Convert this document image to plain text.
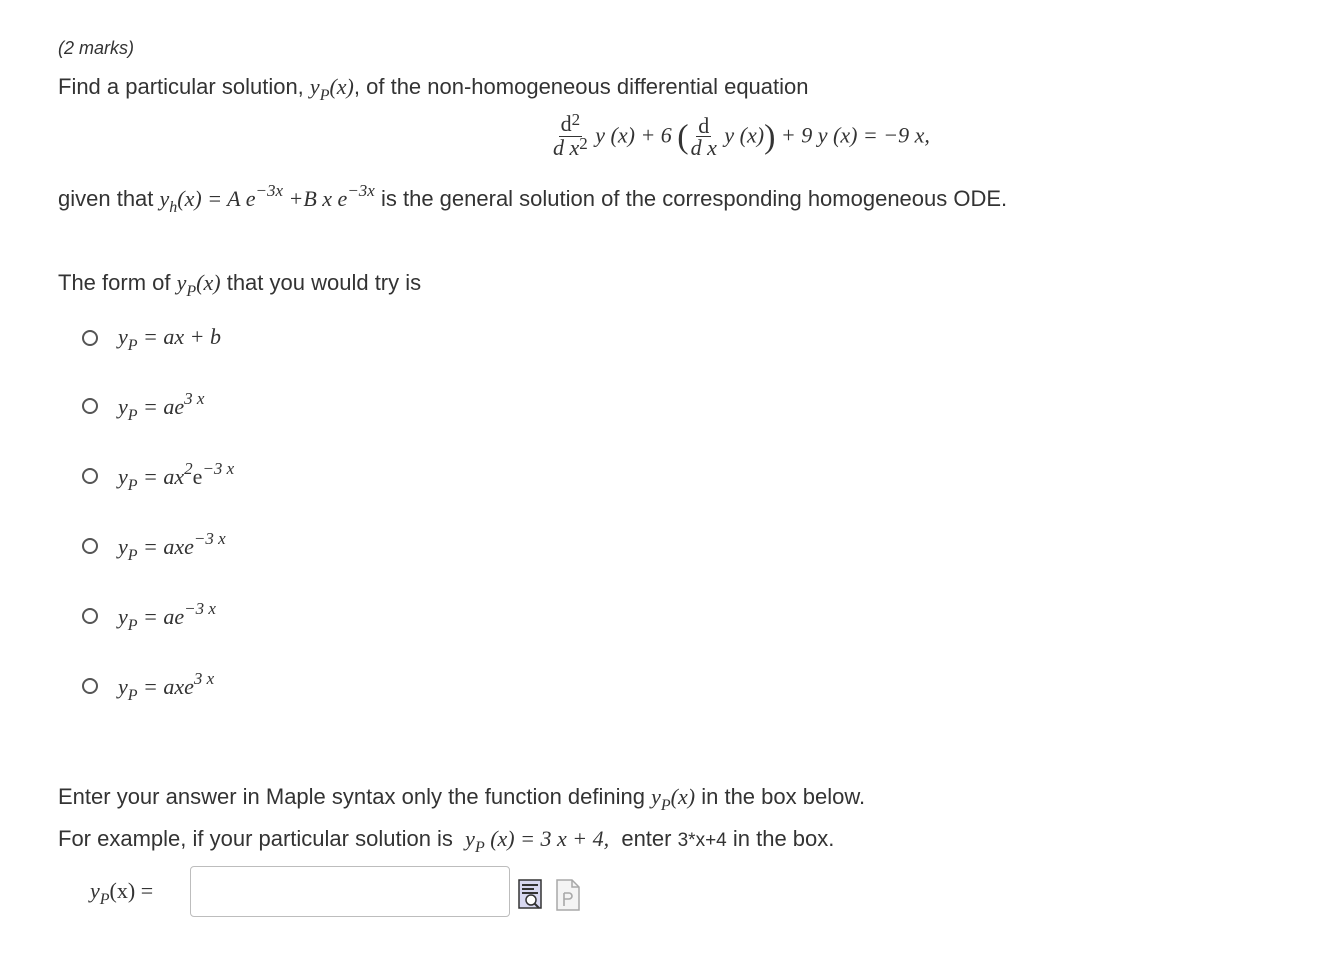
(2 marks)
Find a particular solution, $y_P(x)$, of the non-homogeneous differential equation
$\frac{d^2}{d x^2}$ y (x) + 6 ( $\frac{d}{\text{d x}}$ y (x)) + 9 y (x) = −9 x,
given that $y_h(x) = A$ $e^{-3x} +B$ x $e^{-3x}$ is the general solution of the corresponding homogeneous ODE.
The form of $y_P(x)$ that you would try is
$y_P$ = ax + b
$y_P = ae^{3 x}$
$y_P = ax^2e^{-3 x}$
$y_P = axe^{-3 x}$
$y_P = ae^{-3 x}$
$y_P = axe^{3 x}$
Enter your answer in Maple syntax only the function defining $y_P(x)$ in the box below.
For example, if your particular solution is $y_P$ (x) = 3 x + 4, enter 3*x+4 in the box.
$y_P(x)$ =
